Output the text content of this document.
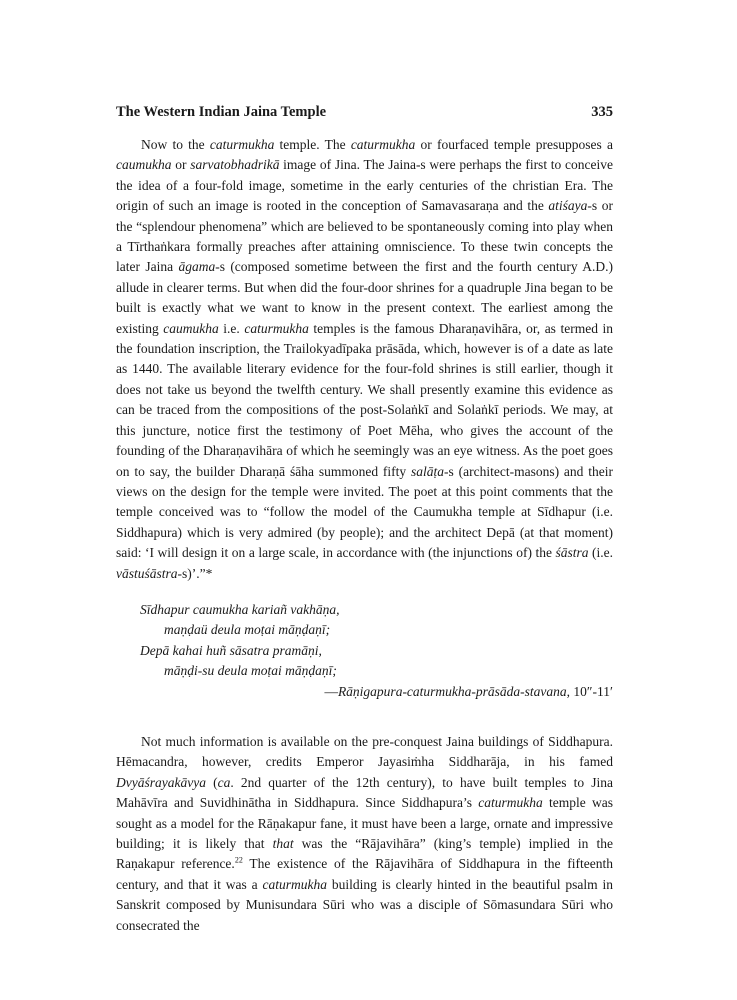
The Western Indian Jaina Temple	335

Now to the caturmukha temple. The caturmukha or fourfaced temple presupposes a caumukha or sarvatobhadrikā image of Jina. The Jaina-s were perhaps the first to conceive the idea of a four-fold image, sometime in the early centuries of the christian Era. The origin of such an image is rooted in the conception of Samavasaraṇa and the atiśaya-s or the “splendour phenomena” which are believed to be spontaneously coming into play when a Tīrthaṅkara formally preaches after attaining omniscience. To these twin concepts the later Jaina āgama-s (composed sometime between the first and the fourth century A.D.) allude in clearer terms. But when did the four-door shrines for a quadruple Jina began to be built is exactly what we want to know in the present context. The earliest among the existing caumukha i.e. caturmukha temples is the famous Dharaṇavihāra, or, as termed in the foundation inscription, the Trailokyadīpaka prāsāda, which, however is of a date as late as 1440. The available literary evidence for the four-fold shrines is still earlier, though it does not take us beyond the twelfth century. We shall presently examine this evidence as can be traced from the compositions of the post-Solaṅkī and Solaṅkī periods. We may, at this juncture, notice first the testimony of Poet Mēha, who gives the account of the founding of the Dharaṇavihāra of which he seemingly was an eye witness. As the poet goes on to say, the builder Dharaṇā śāha summoned fifty salāṭa-s (architect-masons) and their views on the design for the temple were invited. The poet at this point comments that the temple conceived was to “follow the model of the Caumukha temple at Sīdhapur (i.e. Siddhapura) which is very admired (by people); and the architect Depā (at that moment) said: ‘I will design it on a large scale, in accordance with (the injunctions of) the śāstra (i.e. vāstuśāstra-s)’.”*

Sīdhapur caumukha kariañ vakhāṇa,
maṇḍaü deula moṭai māṇḍaṇī;
Depā kahai huñ sāsatra pramāṇi,
māṇḍi-su deula moṭai māṇḍaṇī;
—Rāṇigapura-caturmukha-prāsāda-stavana, 10″-11′

Not much information is available on the pre-conquest Jaina buildings of Siddhapura. Hēmacandra, however, credits Emperor Jayasiṁha Siddharāja, in his famed Dvyāśrayakāvya (ca. 2nd quarter of the 12th century), to have built temples to Jina Mahāvīra and Suvidhinātha in Siddhapura. Since Siddhapura’s caturmukha temple was sought as a model for the Rāṇakapur fane, it must have been a large, ornate and impressive building; it is likely that that was the “Rājavihāra” (king’s temple) implied in the Raṇakapur reference.$^{22}$ The existence of the Rājavihāra of Siddhapura in the fifteenth century, and that it was a caturmukha building is clearly hinted in the beautiful psalm in Sanskrit composed by Munisundara Sūri who was a disciple of Sōmasundara Sūri who consecrated the
